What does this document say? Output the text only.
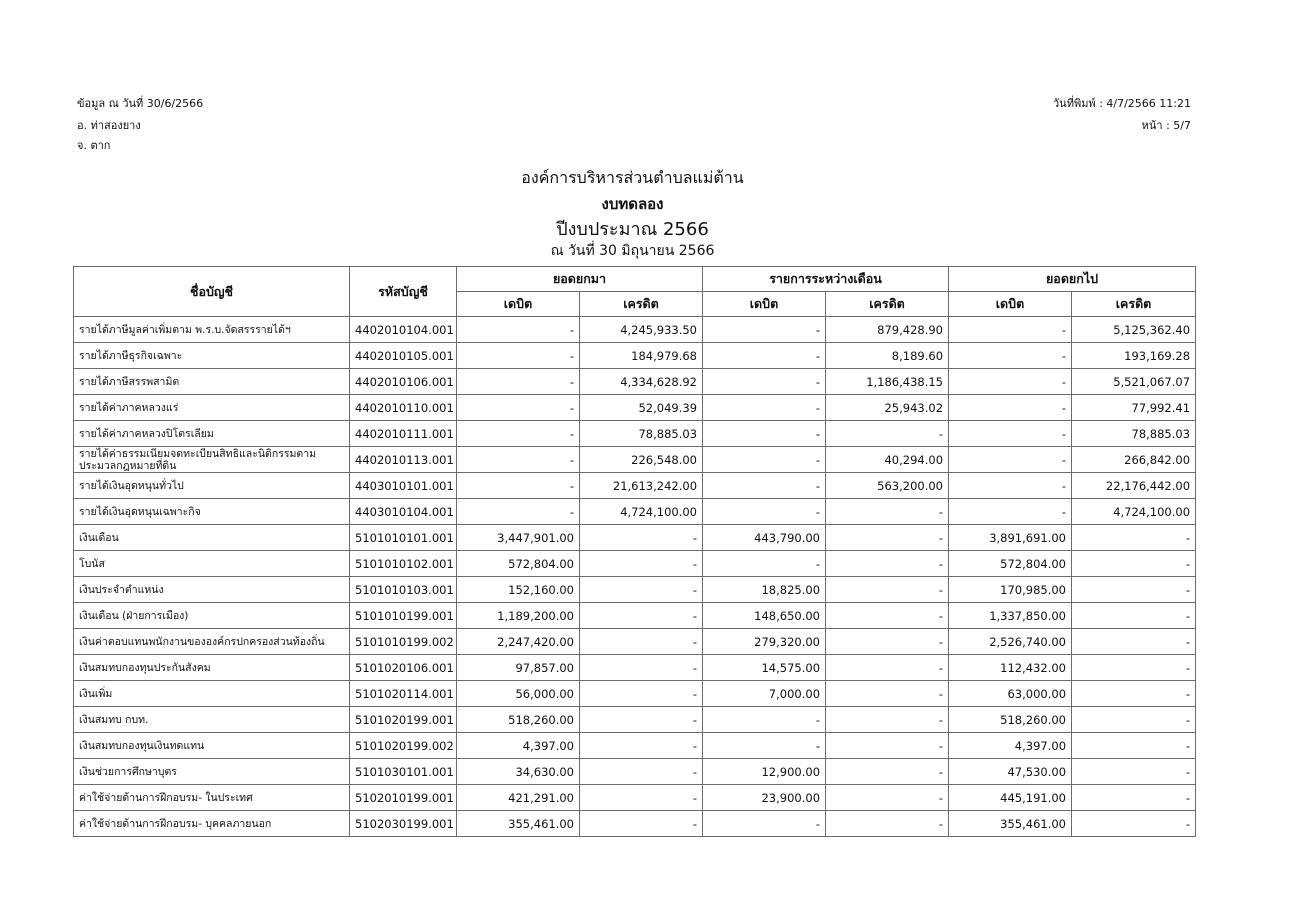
ข้อมูล ณ วันที่ 30/6/2566
อ. ท่าสองยาง
จ. ตาก
วันที่พิมพ์ : 4/7/2566 11:21
หน้า : 5/7
องค์การบริหารส่วนตำบลแม่ต้าน
งบทดลอง
ปีงบประมาณ 2566
ณ วันที่ 30 มิถุนายน 2566
ชื่อบัญชี	รหัสบัญชี	ยอดยกมา		รายการระหว่างเดือน		ยอดยกไป	
		เดบิต	เครดิต	เดบิต	เครดิต	เดบิต	เครดิต
รายได้ภาษีมูลค่าเพิ่มตาม พ.ร.บ.จัดสรรรายได้ฯ	4402010104.001	-	4,245,933.50	-	879,428.90	-	5,125,362.40
รายได้ภาษีธุรกิจเฉพาะ	4402010105.001	-	184,979.68	-	8,189.60	-	193,169.28
รายได้ภาษีสรรพสามิต	4402010106.001	-	4,334,628.92	-	1,186,438.15	-	5,521,067.07
รายได้ค่าภาคหลวงแร่	4402010110.001	-	52,049.39	-	25,943.02	-	77,992.41
รายได้ค่าภาคหลวงปิโตรเลียม	4402010111.001	-	78,885.03	-	-	-	78,885.03
รายได้ค่าธรรมเนียมจดทะเบียนสิทธิและนิติกรรมตามประมวลกฎหมายที่ดิน	4402010113.001	-	226,548.00	-	40,294.00	-	266,842.00
รายได้เงินอุดหนุนทั่วไป	4403010101.001	-	21,613,242.00	-	563,200.00	-	22,176,442.00
รายได้เงินอุดหนุนเฉพาะกิจ	4403010104.001	-	4,724,100.00	-	-	-	4,724,100.00
เงินเดือน	5101010101.001	3,447,901.00	-	443,790.00	-	3,891,691.00	-
โบนัส	5101010102.001	572,804.00	-	-	-	572,804.00	-
เงินประจำตำแหน่ง	5101010103.001	152,160.00	-	18,825.00	-	170,985.00	-
เงินเดือน (ฝ่ายการเมือง)	5101010199.001	1,189,200.00	-	148,650.00	-	1,337,850.00	-
เงินค่าตอบแทนพนักงานขององค์กรปกครองส่วนท้องถิ่น	5101010199.002	2,247,420.00	-	279,320.00	-	2,526,740.00	-
เงินสมทบกองทุนประกันสังคม	5101020106.001	97,857.00	-	14,575.00	-	112,432.00	-
เงินเพิ่ม	5101020114.001	56,000.00	-	7,000.00	-	63,000.00	-
เงินสมทบ กบท.	5101020199.001	518,260.00	-	-	-	518,260.00	-
เงินสมทบกองทุนเงินทดแทน	5101020199.002	4,397.00	-	-	-	4,397.00	-
เงินช่วยการศึกษาบุตร	5101030101.001	34,630.00	-	12,900.00	-	47,530.00	-
ค่าใช้จ่ายด้านการฝึกอบรม- ในประเทศ	5102010199.001	421,291.00	-	23,900.00	-	445,191.00	-
ค่าใช้จ่ายด้านการฝึกอบรม- บุคคลภายนอก	5102030199.001	355,461.00	-	-	-	355,461.00	-
